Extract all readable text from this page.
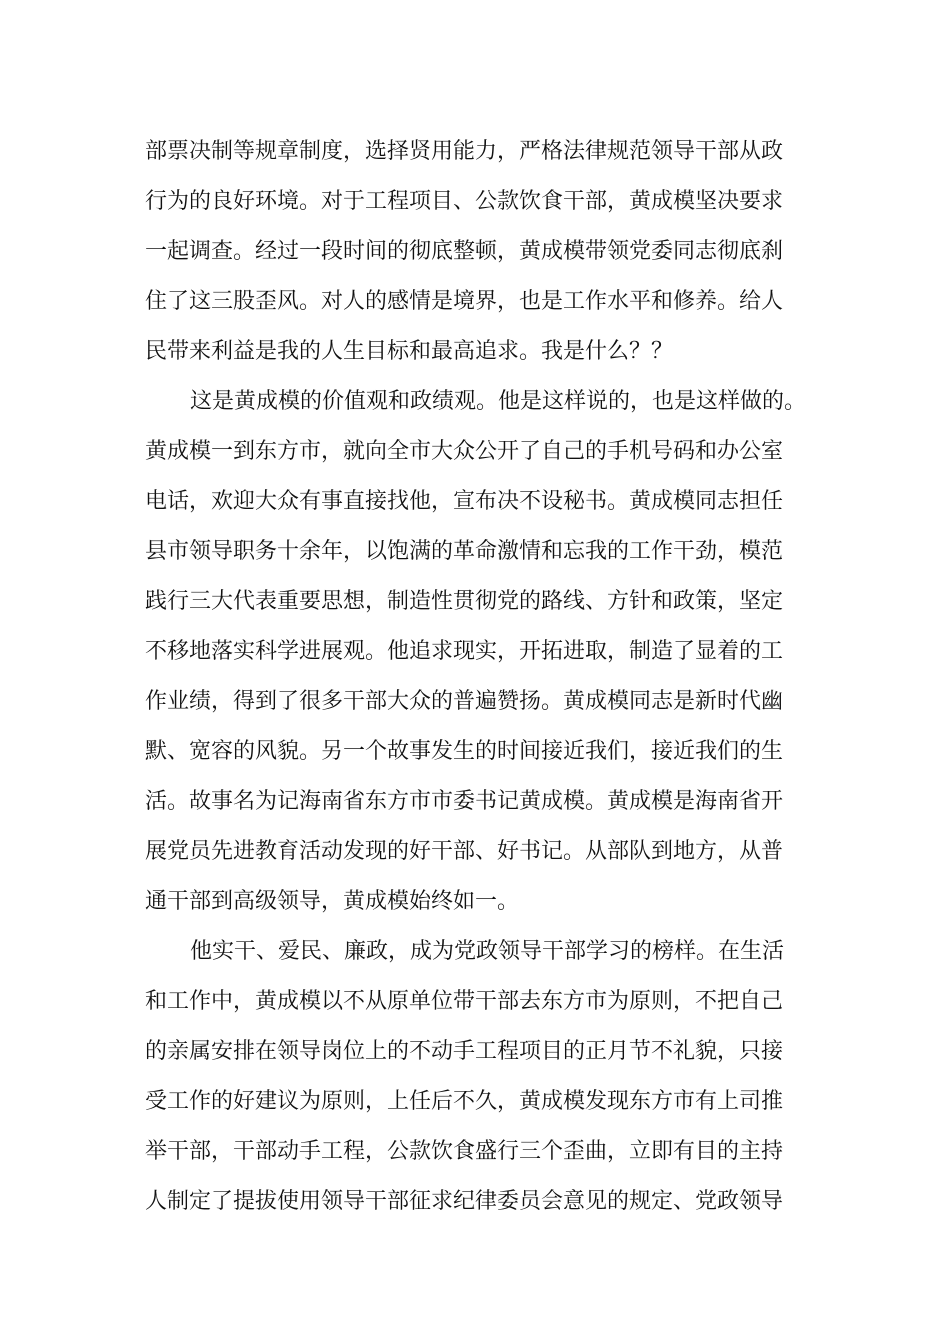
部票决制等规章制度，选择贤用能力，严格法律规范领导干部从政
行为的良好环境。对于工程项目、公款饮食干部，黄成模坚决要求
一起调查。经过一段时间的彻底整顿，黄成模带领党委同志彻底刹
住了这三股歪风。对人的感情是境界，也是工作水平和修养。给人
民带来利益是我的人生目标和最高追求。我是什么？？
这是黄成模的价值观和政绩观。他是这样说的，也是这样做的。
黄成模一到东方市，就向全市大众公开了自己的手机号码和办公室
电话，欢迎大众有事直接找他，宣布决不设秘书。黄成模同志担任
县市领导职务十余年，以饱满的革命激情和忘我的工作干劲，模范
践行三大代表重要思想，制造性贯彻党的路线、方针和政策，坚定
不移地落实科学进展观。他追求现实，开拓进取，制造了显着的工
作业绩，得到了很多干部大众的普遍赞扬。黄成模同志是新时代幽
默、宽容的风貌。另一个故事发生的时间接近我们，接近我们的生
活。故事名为记海南省东方市市委书记黄成模。黄成模是海南省开
展党员先进教育活动发现的好干部、好书记。从部队到地方，从普
通干部到高级领导，黄成模始终如一。
他实干、爱民、廉政，成为党政领导干部学习的榜样。在生活
和工作中，黄成模以不从原单位带干部去东方市为原则，不把自己
的亲属安排在领导岗位上的不动手工程项目的正月节不礼貌，只接
受工作的好建议为原则，上任后不久，黄成模发现东方市有上司推
举干部，干部动手工程，公款饮食盛行三个歪曲，立即有目的主持
人制定了提拔使用领导干部征求纪律委员会意见的规定、党政领导
